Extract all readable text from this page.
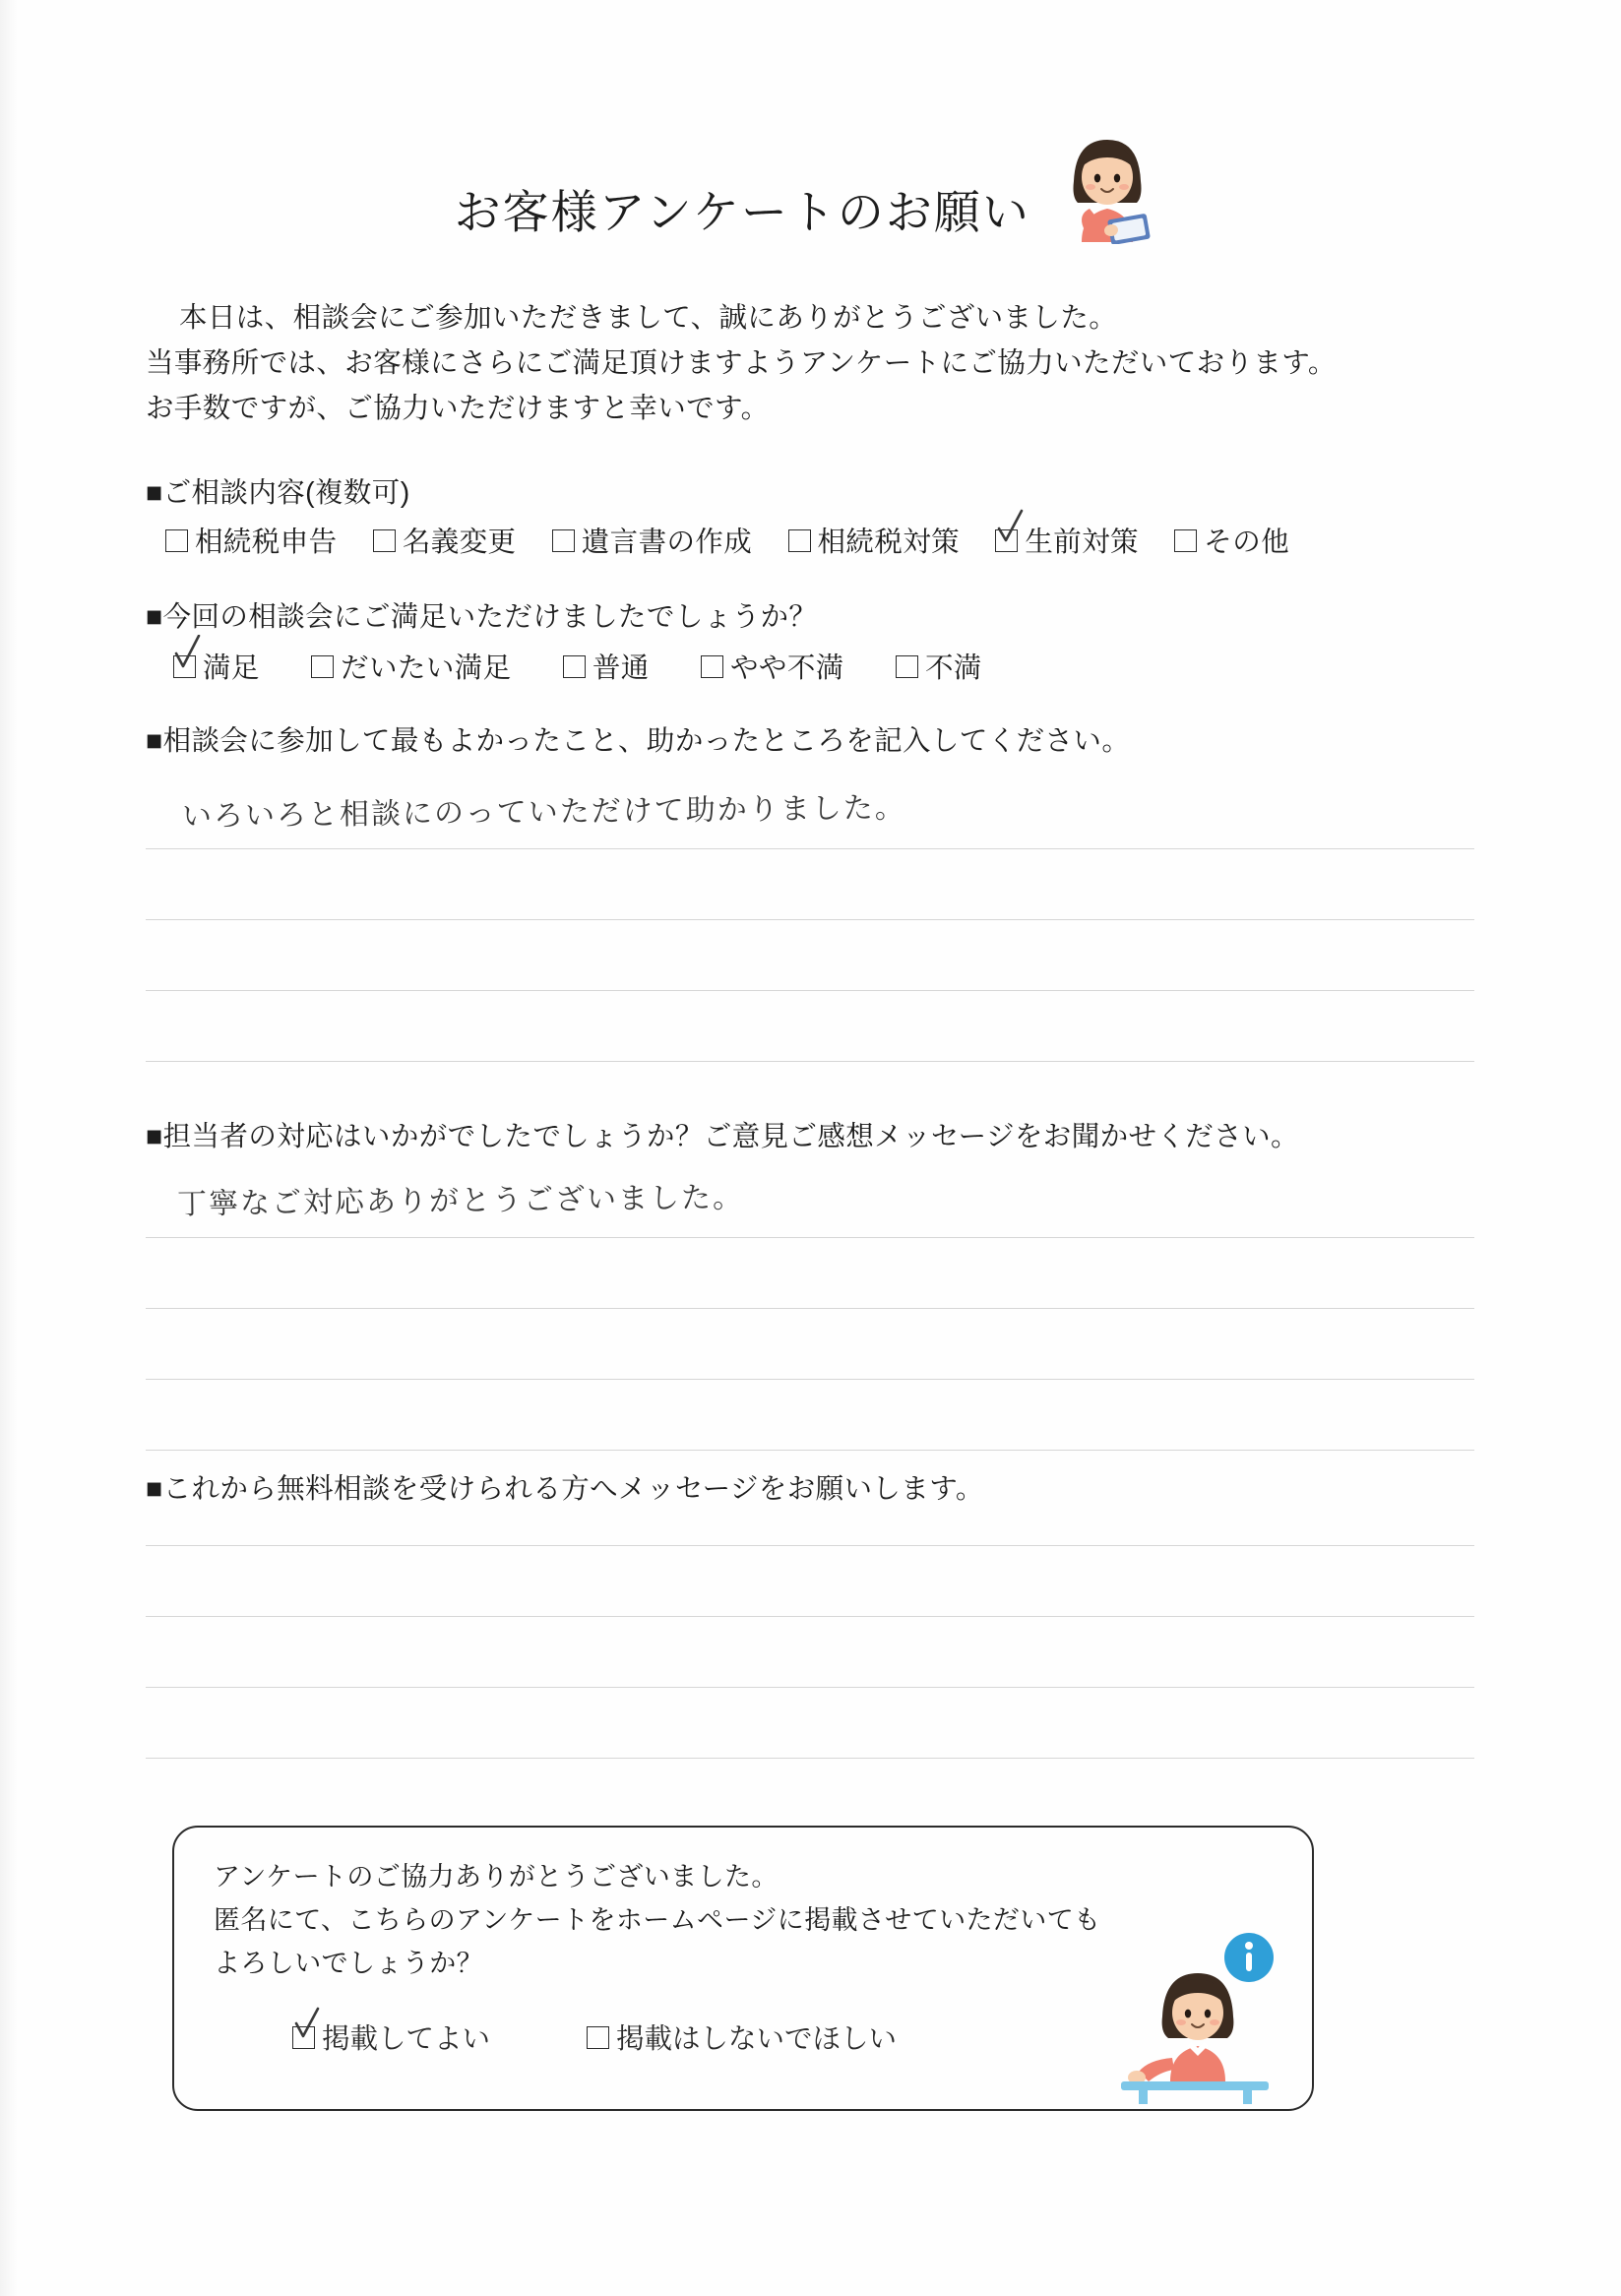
お客様アンケートのお願い
本日は、相談会にご参加いただきまして、誠にありがとうございました。
当事務所では、お客様にさらにご満足頂けますようアンケートにご協力いただいております。
お手数ですが、ご協力いただけますと幸いです。
■ご相談内容(複数可)
相続税申告 名義変更 遺言書の作成 相続税対策 生前対策 その他
■今回の相談会にご満足いただけましたでしょうか？
満足	だいたい満足	普通	やや不満	不満
■相談会に参加して最もよかったこと、助かったところを記入してください。
いろいろと相談にのっていただけて助かりました。
■担当者の対応はいかがでしたでしょうか？ご意見ご感想メッセージをお聞かせください。
丁寧なご対応ありがとうございました。
■これから無料相談を受けられる方へメッセージをお願いします。
アンケートのご協力ありがとうございました。
匿名にて、こちらのアンケートをホームページに掲載させていただいても
よろしいでしょうか？
掲載してよい	掲載はしないでほしい
